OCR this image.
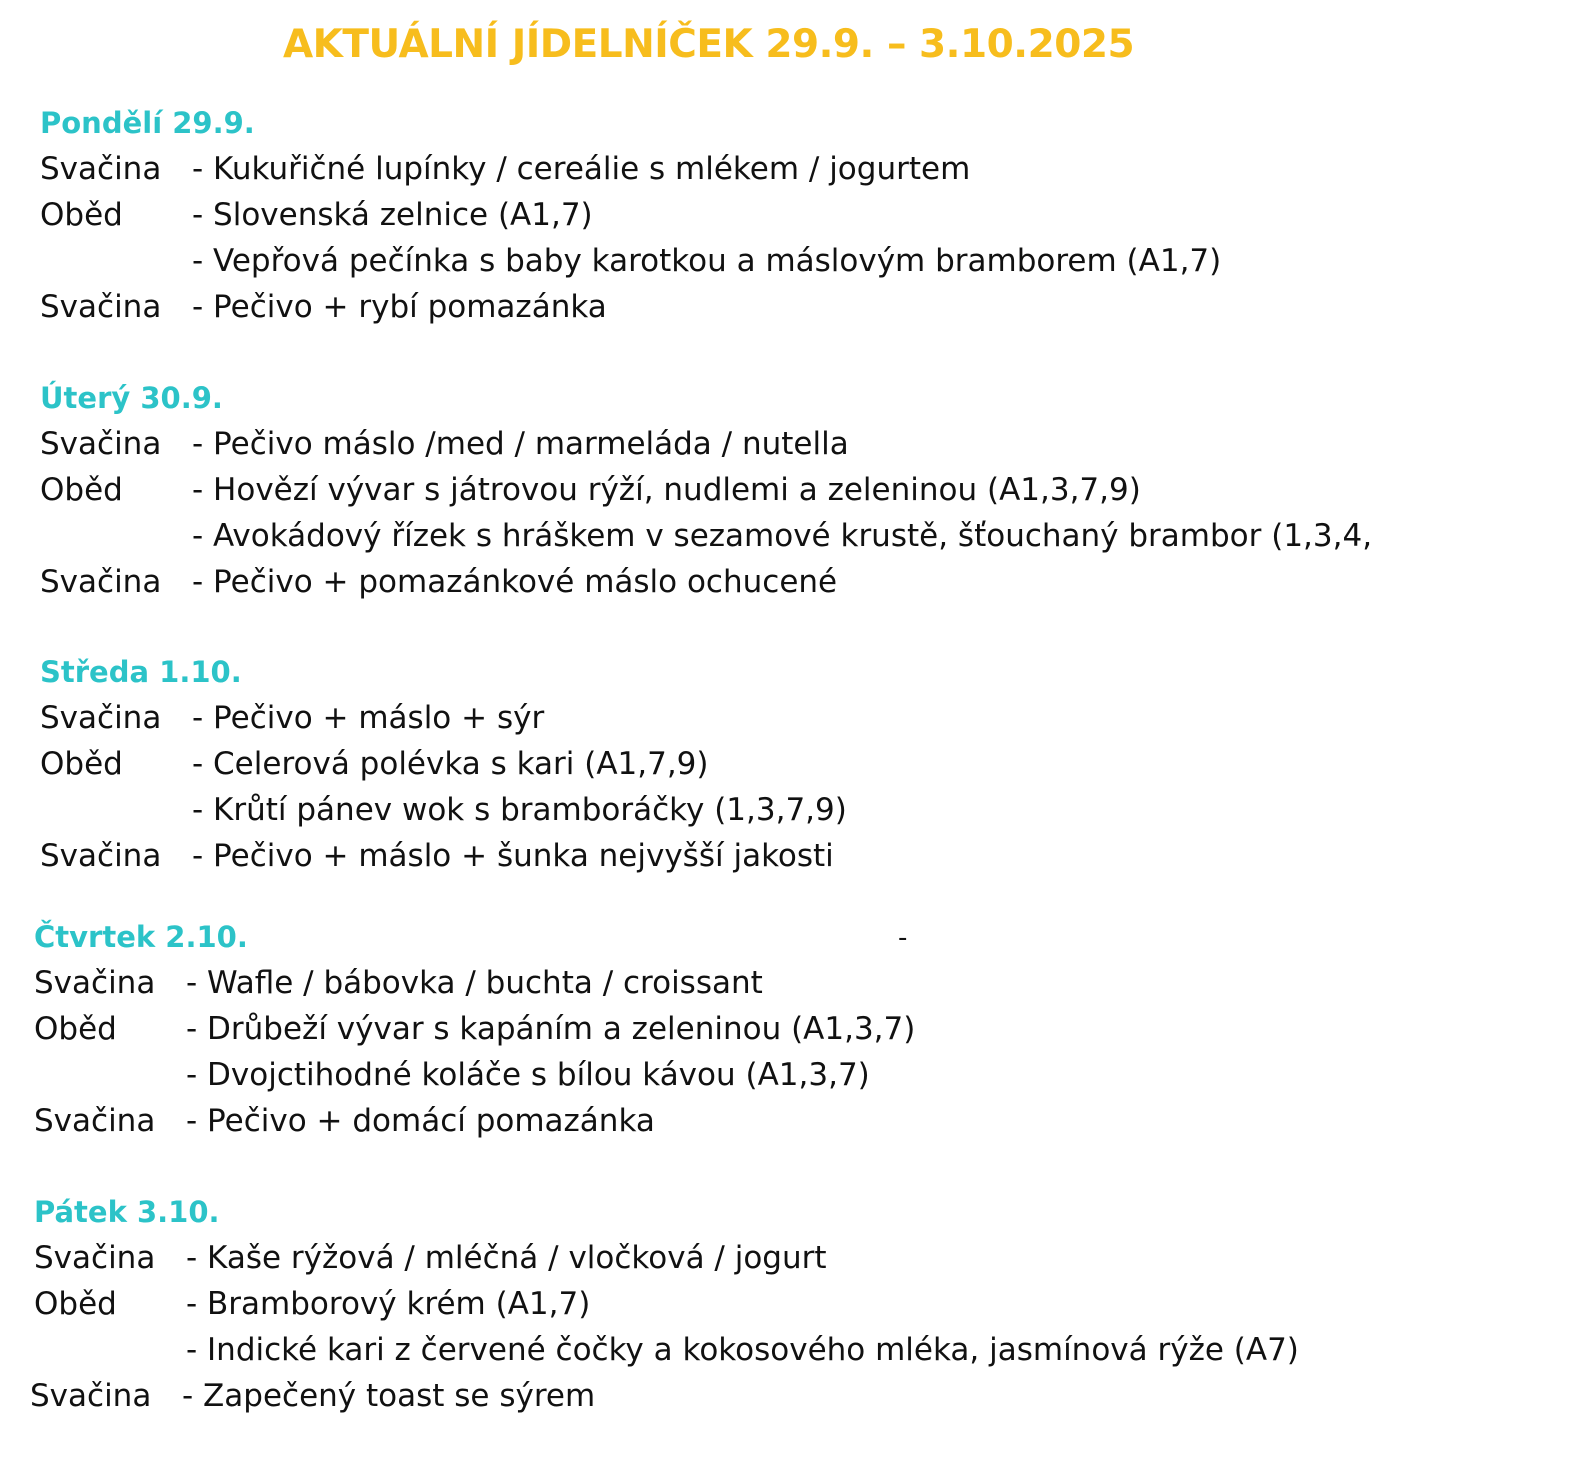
AKTUÁLNÍ JÍDELNÍČEK 29.9. – 3.10.2025
Pondělí 29.9.
Svačina - Kukuřičné lupínky / cereálie s mlékem / jogurtem
Oběd - Slovenská zelnice (A1,7)
- Vepřová pečínka s baby karotkou a máslovým bramborem (A1,7)
Svačina - Pečivo + rybí pomazánka
Úterý 30.9.
Svačina - Pečivo máslo /med / marmeláda / nutella
Oběd - Hovězí vývar s játrovou rýží, nudlemi a zeleninou (A1,3,7,9)
- Avokádový řízek s hráškem v sezamové krustě, šťouchaný brambor (1,3,4,
Svačina - Pečivo + pomazánkové máslo ochucené
Středa 1.10.
Svačina - Pečivo + máslo + sýr
Oběd - Celerová polévka s kari (A1,7,9)
- Krůtí pánev wok s bramboráčky (1,3,7,9)
Svačina - Pečivo + máslo + šunka nejvyšší jakosti
-
Čtvrtek 2.10.
Svačina - Wafle / bábovka / buchta / croissant
Oběd - Drůbeží vývar s kapáním a zeleninou (A1,3,7)
- Dvojctihodné koláče s bílou kávou (A1,3,7)
Svačina - Pečivo + domácí pomazánka
Pátek 3.10.
Svačina - Kaše rýžová / mléčná / vločková / jogurt
Oběd - Bramborový krém (A1,7)
- Indické kari z červené čočky a kokosového mléka, jasmínová rýže (A7)
Svačina - Zapečený toast se sýrem
